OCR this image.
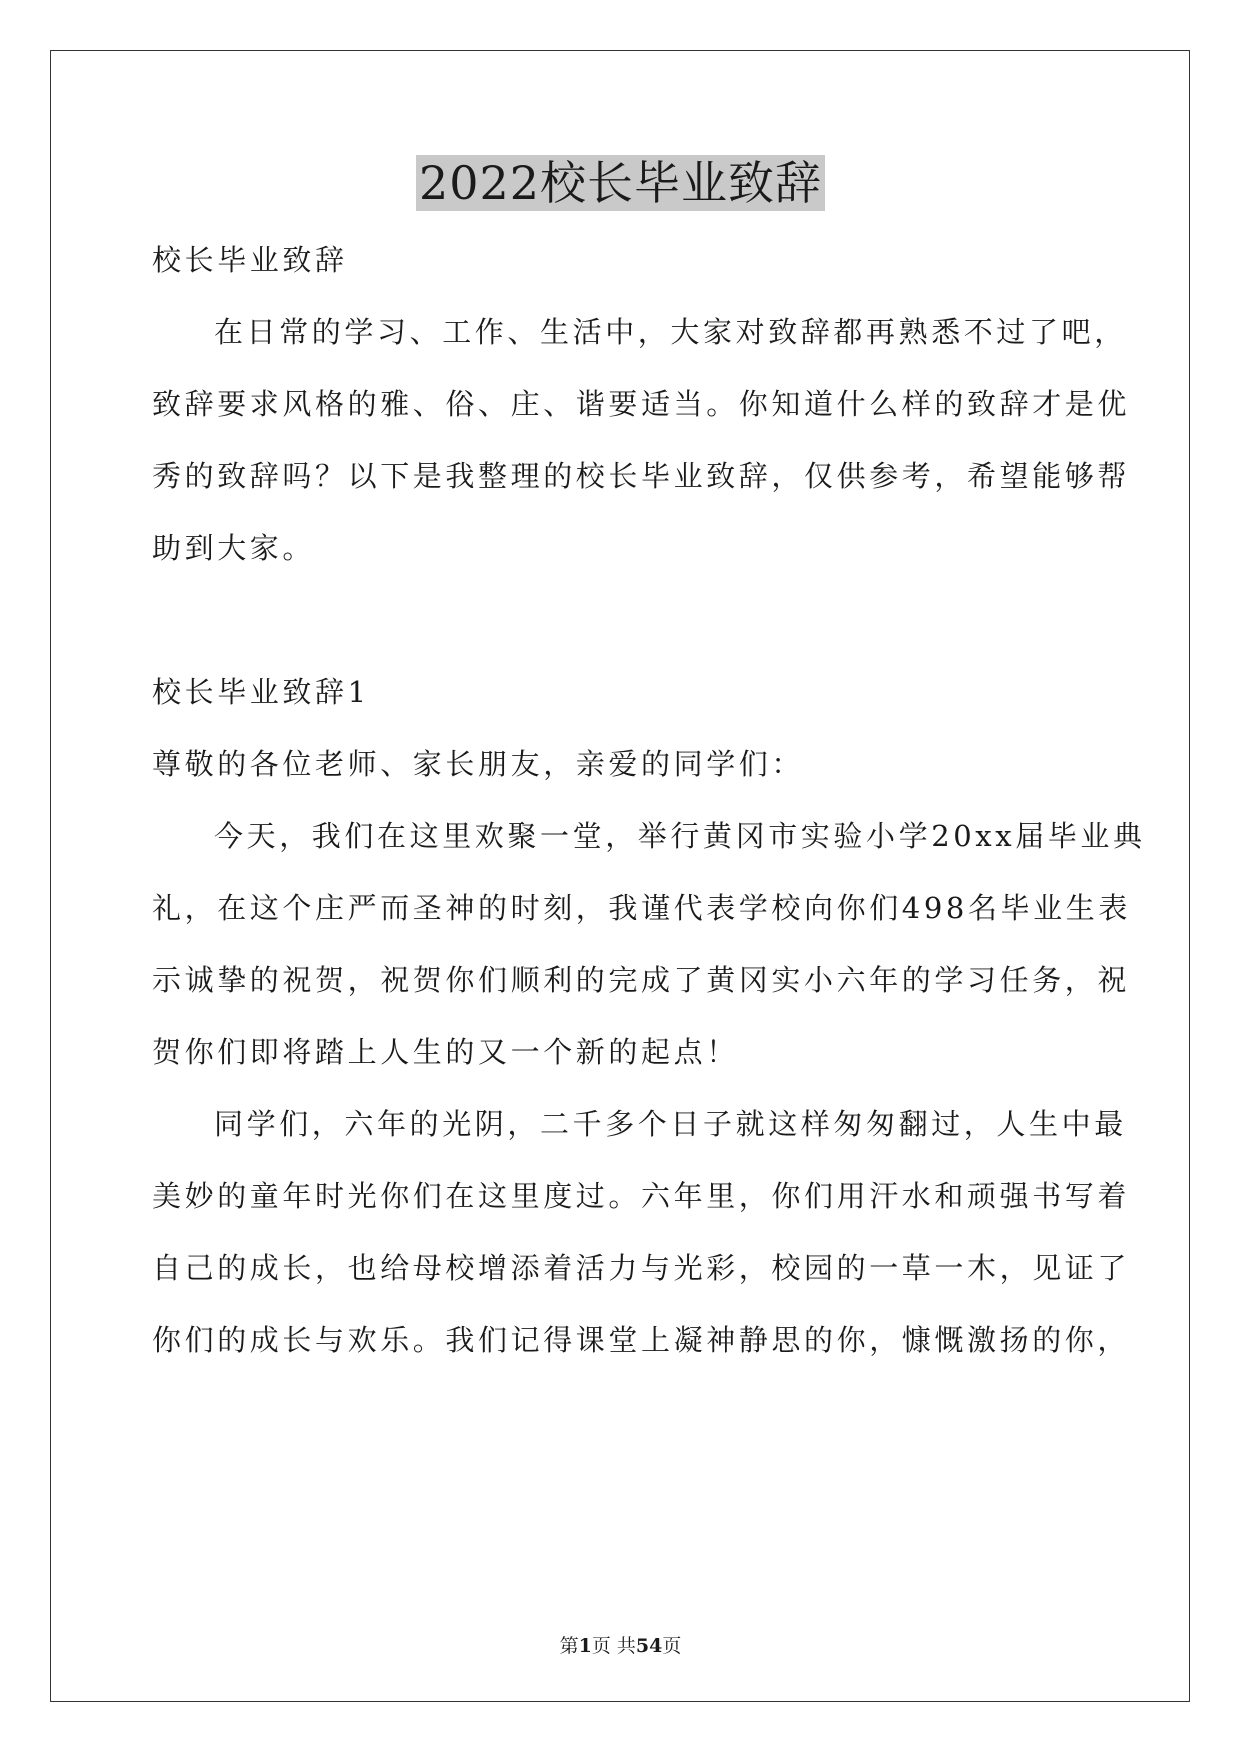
2022校长毕业致辞
校长毕业致辞
在日常的学习、工作、生活中，大家对致辞都再熟悉不过了吧，
致辞要求风格的雅、俗、庄、谐要适当。你知道什么样的致辞才是优
秀的致辞吗？以下是我整理的校长毕业致辞，仅供参考，希望能够帮
助到大家。
校长毕业致辞1
尊敬的各位老师、家长朋友，亲爱的同学们：
今天，我们在这里欢聚一堂，举行黄冈市实验小学20xx届毕业典
礼，在这个庄严而圣神的时刻，我谨代表学校向你们498名毕业生表
示诚挚的祝贺，祝贺你们顺利的完成了黄冈实小六年的学习任务，祝
贺你们即将踏上人生的又一个新的起点！
同学们，六年的光阴，二千多个日子就这样匆匆翻过，人生中最
美妙的童年时光你们在这里度过。六年里，你们用汗水和顽强书写着
自己的成长，也给母校增添着活力与光彩，校园的一草一木，见证了
你们的成长与欢乐。我们记得课堂上凝神静思的你，慷慨激扬的你，
第1页 共54页
